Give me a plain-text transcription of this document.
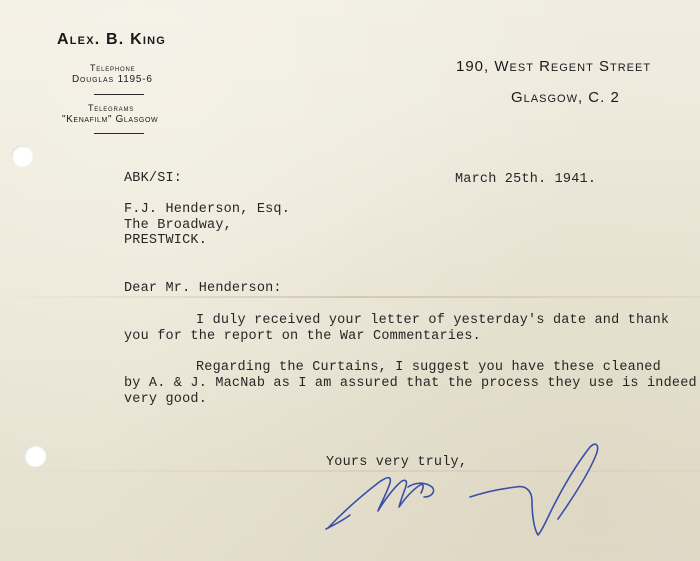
Alex. B. King
Telephone
Douglas 1195-6
Telegrams
"Kenafilm" Glasgow
190, West Regent Street
Glasgow, C. 2
ABK/SI:	March 25th. 1941.
F.J. Henderson, Esq.
The Broadway,
PRESTWICK.
Dear Mr. Henderson:
I duly received your letter of yesterday's date and thank
you for the report on the War Commentaries.
Regarding the Curtains, I suggest you have these cleaned
by A. & J. MacNab as I am assured that the process they use is indeed
very good.
Yours very truly,
